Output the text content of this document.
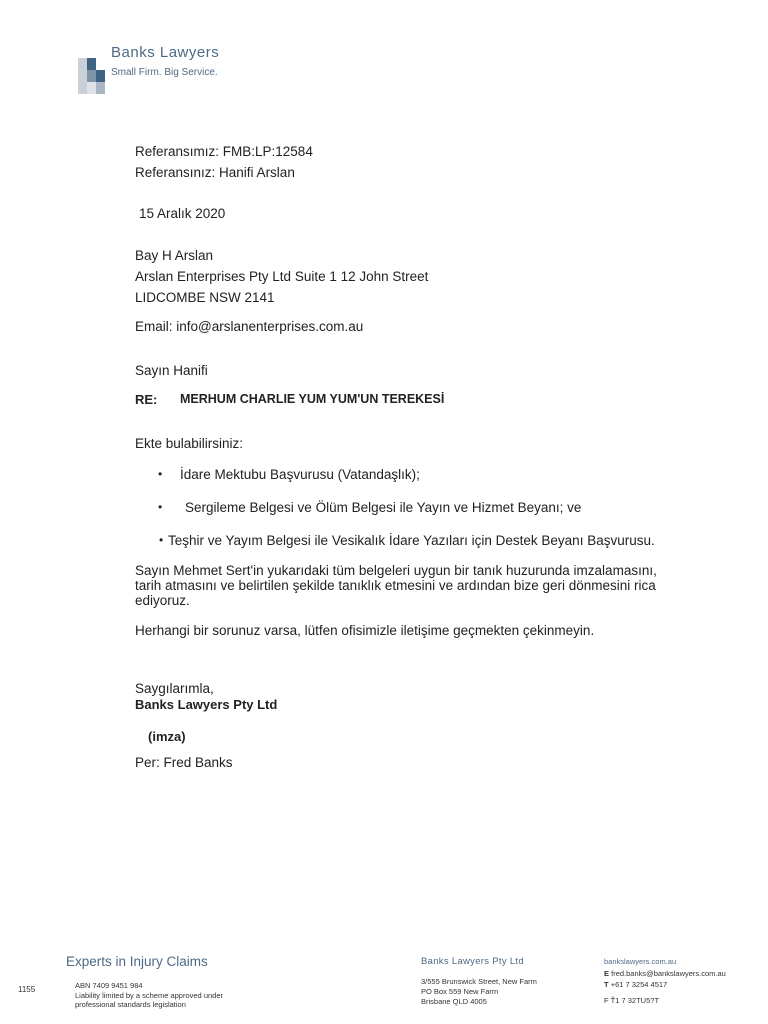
Banks Lawyers
Small Firm. Big Service.
Referansımız: FMB:LP:12584
Referansınız: Hanifi Arslan
15 Aralık 2020
Bay H Arslan
Arslan Enterprises Pty Ltd Suite 1 12 John Street
LIDCOMBE NSW 2141
Email: info@arslanenterprises.com.au
Sayın Hanifi
RE: MERHUM CHARLIE YUM YUM'UN TEREKESİ
Ekte bulabilirsiniz:
• İdare Mektubu Başvurusu (Vatandaşlık);
• Sergileme Belgesi ve Ölüm Belgesi ile Yayın ve Hizmet Beyanı; ve
• Teşhir ve Yayım Belgesi ile Vesikalık İdare Yazıları için Destek Beyanı Başvurusu.
Sayın Mehmet Sert'in yukarıdaki tüm belgeleri uygun bir tanık huzurunda imzalamasını,
tarih atmasını ve belirtilen şekilde tanıklık etmesini ve ardından bize geri dönmesini rica
ediyoruz.
Herhangi bir sorunuz varsa, lütfen ofisimizle iletişime geçmekten çekinmeyin.
Saygılarımla,
Banks Lawyers Pty Ltd
(imza)
Per: Fred Banks
Experts in Injury Claims
1155	ABN 7409 9451 984
Liability limited by a scheme approved under
professional standards legislation
Banks Lawyers Pty Ltd
3/555 Brunswick Street, New Farm
PO Box 559 New Farm
Brisbane QLD 4005
bankslawyers.com.au
E fred.banks@bankslawyers.com.au
T +61 7 3254 4517
F Ť1 7 32TU5?T
